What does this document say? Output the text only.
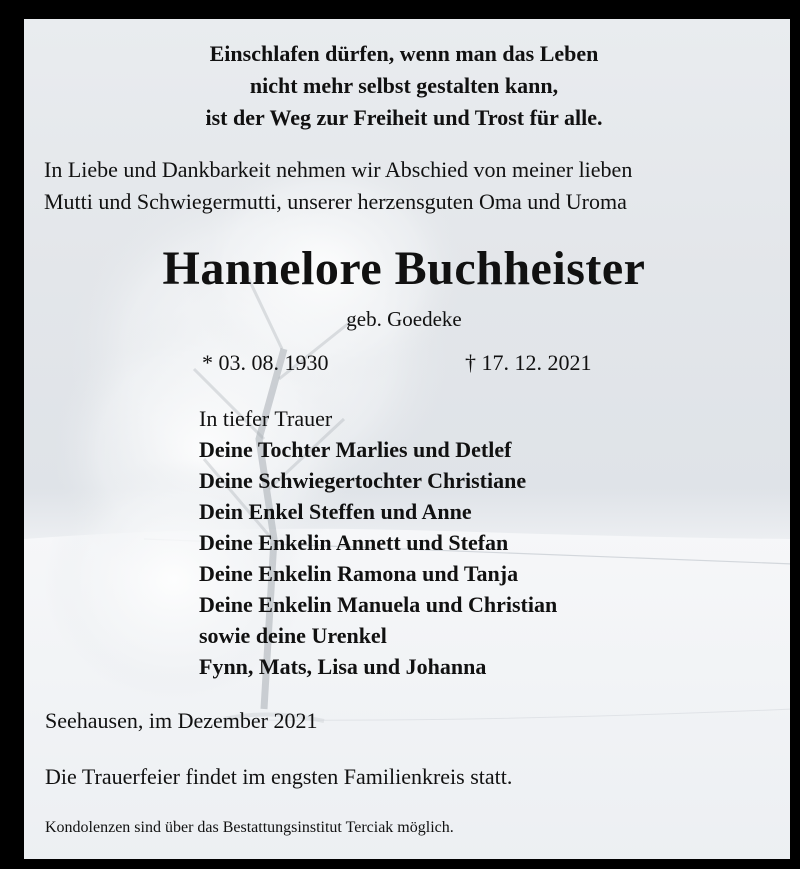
Einschlafen dürfen, wenn man das Leben
nicht mehr selbst gestalten kann,
ist der Weg zur Freiheit und Trost für alle.
In Liebe und Dankbarkeit nehmen wir Abschied von meiner lieben
Mutti und Schwiegermutti, unserer herzensguten Oma und Uroma
Hannelore Buchheister
geb. Goedeke
* 03. 08. 1930	† 17. 12. 2021
In tiefer Trauer
Deine Tochter Marlies und Detlef
Deine Schwiegertochter Christiane
Dein Enkel Steffen und Anne
Deine Enkelin Annett und Stefan
Deine Enkelin Ramona und Tanja
Deine Enkelin Manuela und Christian
sowie deine Urenkel
Fynn, Mats, Lisa und Johanna
Seehausen, im Dezember 2021
Die Trauerfeier findet im engsten Familienkreis statt.
Kondolenzen sind über das Bestattungsinstitut Terciak möglich.
